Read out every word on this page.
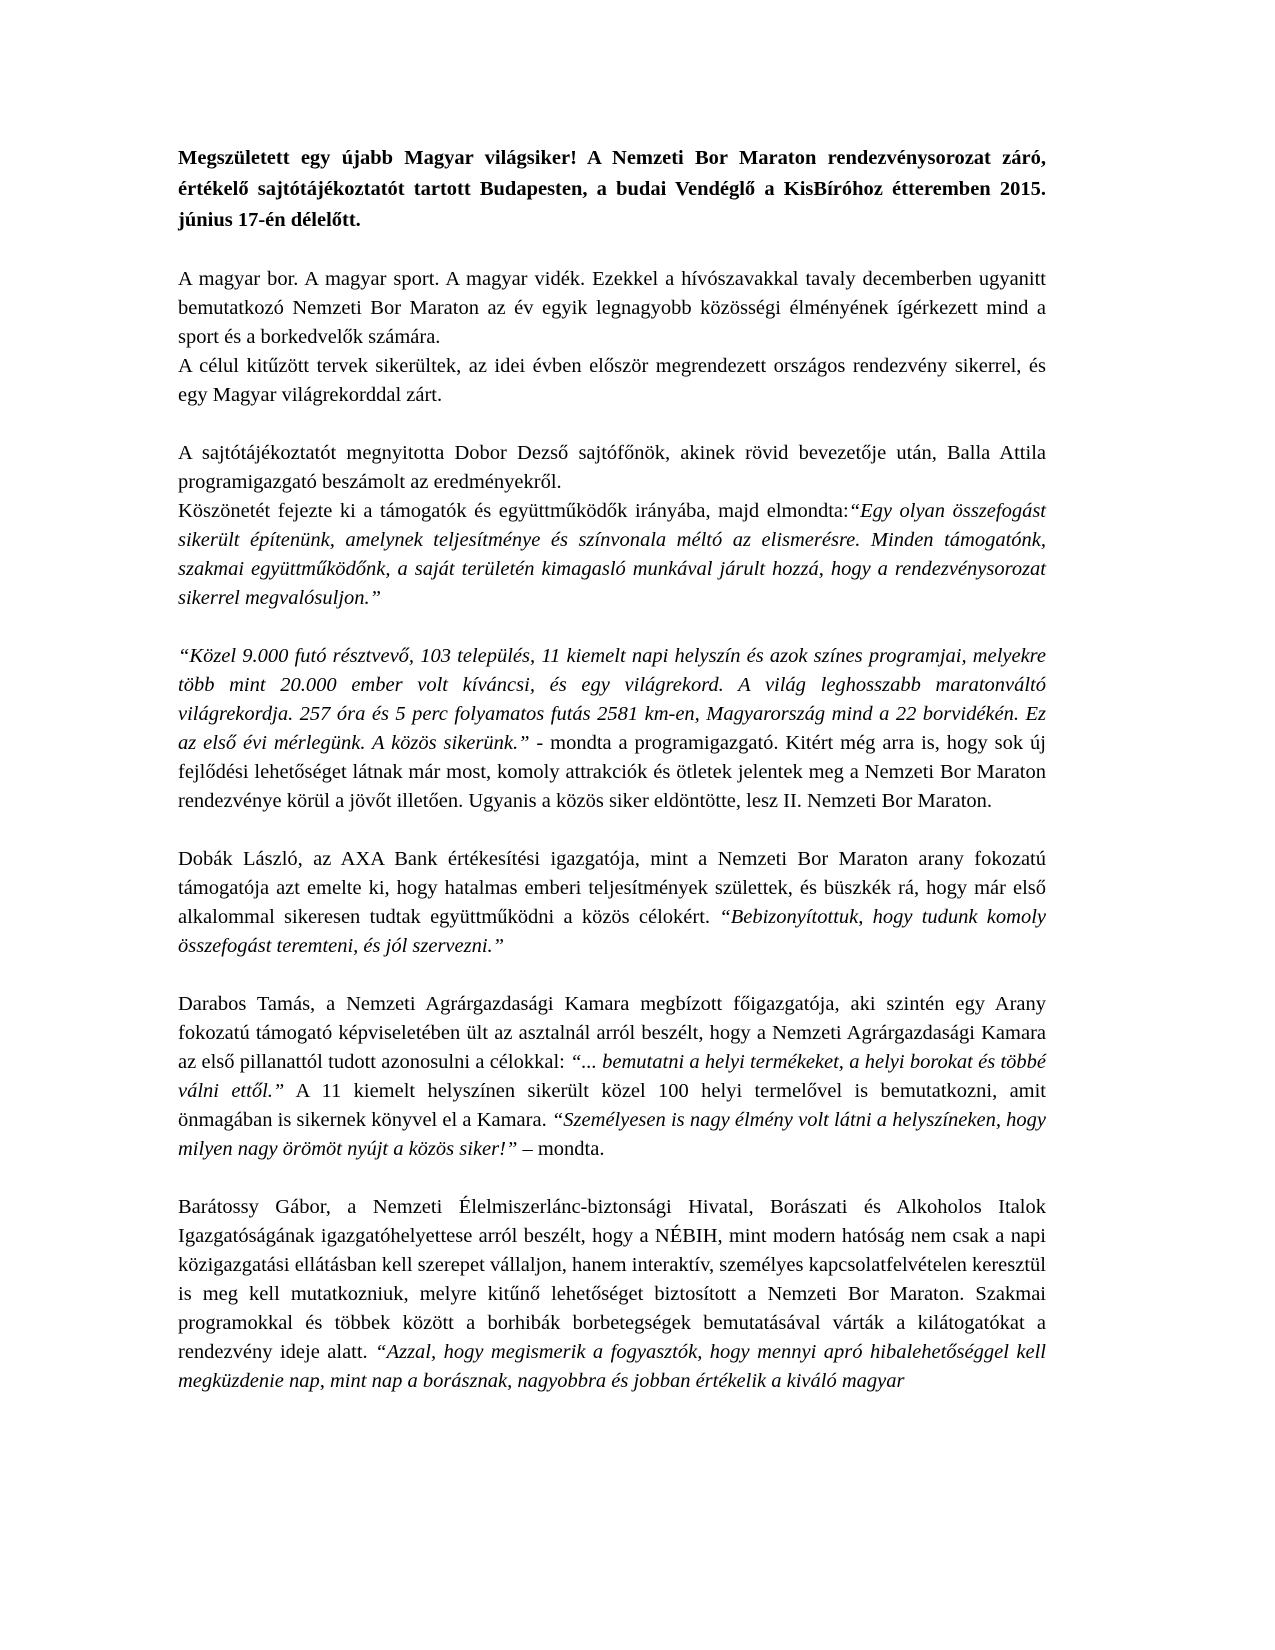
Megszületett egy újabb Magyar világsiker! A Nemzeti Bor Maraton rendezvénysorozat záró, értékelő sajtótájékoztatót tartott Budapesten, a budai Vendéglő a KisBíróhoz étteremben 2015. június 17-én délelőtt.

A magyar bor. A magyar sport. A magyar vidék. Ezekkel a hívószavakkal tavaly decemberben ugyanitt bemutatkozó Nemzeti Bor Maraton az év egyik legnagyobb közösségi élményének ígérkezett mind a sport és a borkedvelők számára.

A célul kitűzött tervek sikerültek, az idei évben először megrendezett országos rendezvény sikerrel, és egy Magyar világrekorddal zárt.

A sajtótájékoztatót megnyitotta Dobor Dezső sajtófőnök, akinek rövid bevezetője után, Balla Attila programigazgató beszámolt az eredményekről.

Köszönetét fejezte ki a támogatók és együttműködők irányába, majd elmondta:“Egy olyan összefogást sikerült építenünk, amelynek teljesítménye és színvonala méltó az elismerésre. Minden támogatónk, szakmai együttműködőnk, a saját területén kimagasló munkával járult hozzá, hogy a rendezvénysorozat sikerrel megvalósuljon.”

“Közel 9.000 futó résztvevő, 103 település, 11 kiemelt napi helyszín és azok színes programjai, melyekre több mint 20.000 ember volt kíváncsi, és egy világrekord. A világ leghosszabb maratonváltó világrekordja. 257 óra és 5 perc folyamatos futás 2581 km-en, Magyarország mind a 22 borvidékén. Ez az első évi mérlegünk. A közös sikerünk.” - mondta a programigazgató. Kitért még arra is, hogy sok új fejlődési lehetőséget látnak már most, komoly attrakciók és ötletek jelentek meg a Nemzeti Bor Maraton rendezvénye körül a jövőt illetően. Ugyanis a közös siker eldöntötte, lesz II. Nemzeti Bor Maraton.

Dobák László, az AXA Bank értékesítési igazgatója, mint a Nemzeti Bor Maraton arany fokozatú támogatója azt emelte ki, hogy hatalmas emberi teljesítmények születtek, és büszkék rá, hogy már első alkalommal sikeresen tudtak együttműködni a közös célokért. “Bebizonyítottuk, hogy tudunk komoly összefogást teremteni, és jól szervezni.”

Darabos Tamás, a Nemzeti Agrárgazdasági Kamara megbízott főigazgatója, aki szintén egy Arany fokozatú támogató képviseletében ült az asztalnál arról beszélt, hogy a Nemzeti Agrárgazdasági Kamara az első pillanattól tudott azonosulni a célokkal: “... bemutatni a helyi termékeket, a helyi borokat és többé válni ettől.” A 11 kiemelt helyszínen sikerült közel 100 helyi termelővel is bemutatkozni, amit önmagában is sikernek könyvel el a Kamara. “Személyesen is nagy élmény volt látni a helyszíneken, hogy milyen nagy örömöt nyújt a közös siker!” – mondta.

Barátossy Gábor, a Nemzeti Élelmiszerlánc-biztonsági Hivatal, Borászati és Alkoholos Italok Igazgatóságának igazgatóhelyettese arról beszélt, hogy a NÉBIH, mint modern hatóság nem csak a napi közigazgatási ellátásban kell szerepet vállaljon, hanem interaktív, személyes kapcsolatfelvételen keresztül is meg kell mutatkozniuk, melyre kitűnő lehetőséget biztosított a Nemzeti Bor Maraton. Szakmai programokkal és többek között a borhibák borbetegségek bemutatásával várták a kilátogatókat a rendezvény ideje alatt. “Azzal, hogy megismerik a fogyasztók, hogy mennyi apró hibalehetőséggel kell megküzdenie nap, mint nap a borásznak, nagyobbra és jobban értékelik a kiváló magyar
